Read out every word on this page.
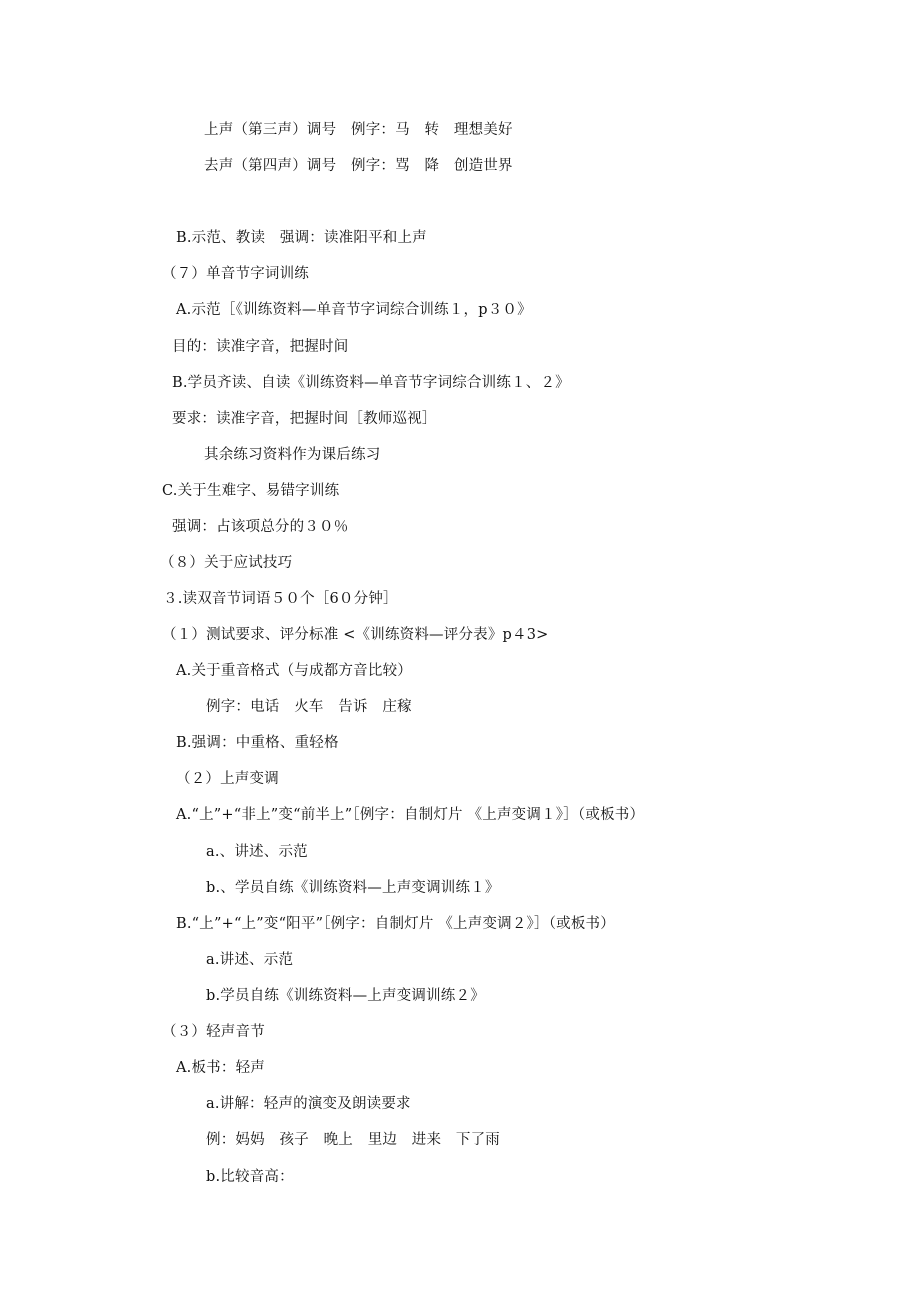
上声（第三声）调号　例字：马　转　理想美好
去声（第四声）调号　例字：骂　降　创造世界
B.示范、教读　强调：读准阳平和上声
（７）单音节字词训练
A.示范［《训练资料—单音节字词综合训练１，p３０》
目的：读准字音，把握时间
B.学员齐读、自读《训练资料—单音节字词综合训练１、２》
要求：读准字音，把握时间［教师巡视］
其余练习资料作为课后练习
C.关于生难字、易错字训练
强调：占该项总分的３０％
（８）关于应试技巧
３.读双音节词语５０个［6０分钟］
（１）测试要求、评分标准 <《训练资料—评分表》p４3>
A.关于重音格式（与成都方音比较）
例字：电话　火车　告诉　庄稼
B.强调：中重格、重轻格
（２）上声变调
A.“上”+“非上”变“前半上”［例字：自制灯片 《上声变调１》］（或板书）
a.、讲述、示范
b.、学员自练《训练资料—上声变调训练１》
B.“上”+“上”变“阳平”［例字：自制灯片 《上声变调２》］（或板书）
a.讲述、示范
b.学员自练《训练资料—上声变调训练２》
（３）轻声音节
A.板书：轻声
a.讲解：轻声的演变及朗读要求
例：妈妈　孩子　晚上　里边　进来　下了雨
b.比较音高：
